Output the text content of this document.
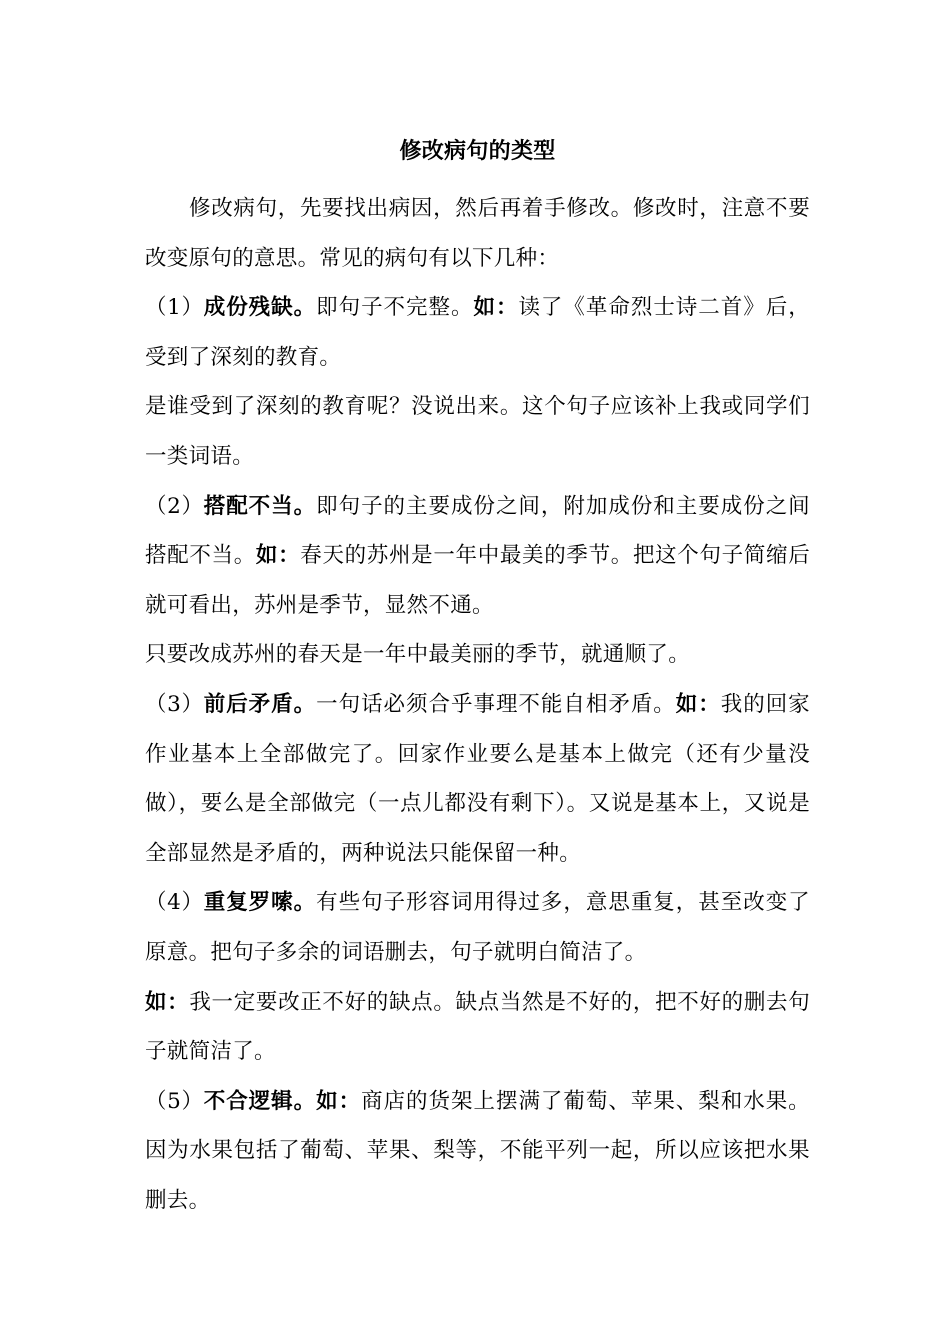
修改病句的类型

修改病句，先要找出病因，然后再着手修改。修改时，注意不要改变原句的意思。常见的病句有以下几种：

（1）成份残缺。即句子不完整。如：读了《革命烈士诗二首》后，受到了深刻的教育。

是谁受到了深刻的教育呢？没说出来。这个句子应该补上我或同学们一类词语。

（2）搭配不当。即句子的主要成份之间，附加成份和主要成份之间搭配不当。如：春天的苏州是一年中最美的季节。把这个句子简缩后就可看出，苏州是季节，显然不通。

只要改成苏州的春天是一年中最美丽的季节，就通顺了。

（3）前后矛盾。一句话必须合乎事理不能自相矛盾。如：我的回家作业基本上全部做完了。回家作业要么是基本上做完（还有少量没做），要么是全部做完（一点儿都没有剩下）。又说是基本上，又说是全部显然是矛盾的，两种说法只能保留一种。

（4）重复罗嗦。有些句子形容词用得过多，意思重复，甚至改变了原意。把句子多余的词语删去，句子就明白简洁了。

如：我一定要改正不好的缺点。缺点当然是不好的，把不好的删去句子就简洁了。

（5）不合逻辑。如：商店的货架上摆满了葡萄、苹果、梨和水果。因为水果包括了葡萄、苹果、梨等，不能平列一起，所以应该把水果删去。
